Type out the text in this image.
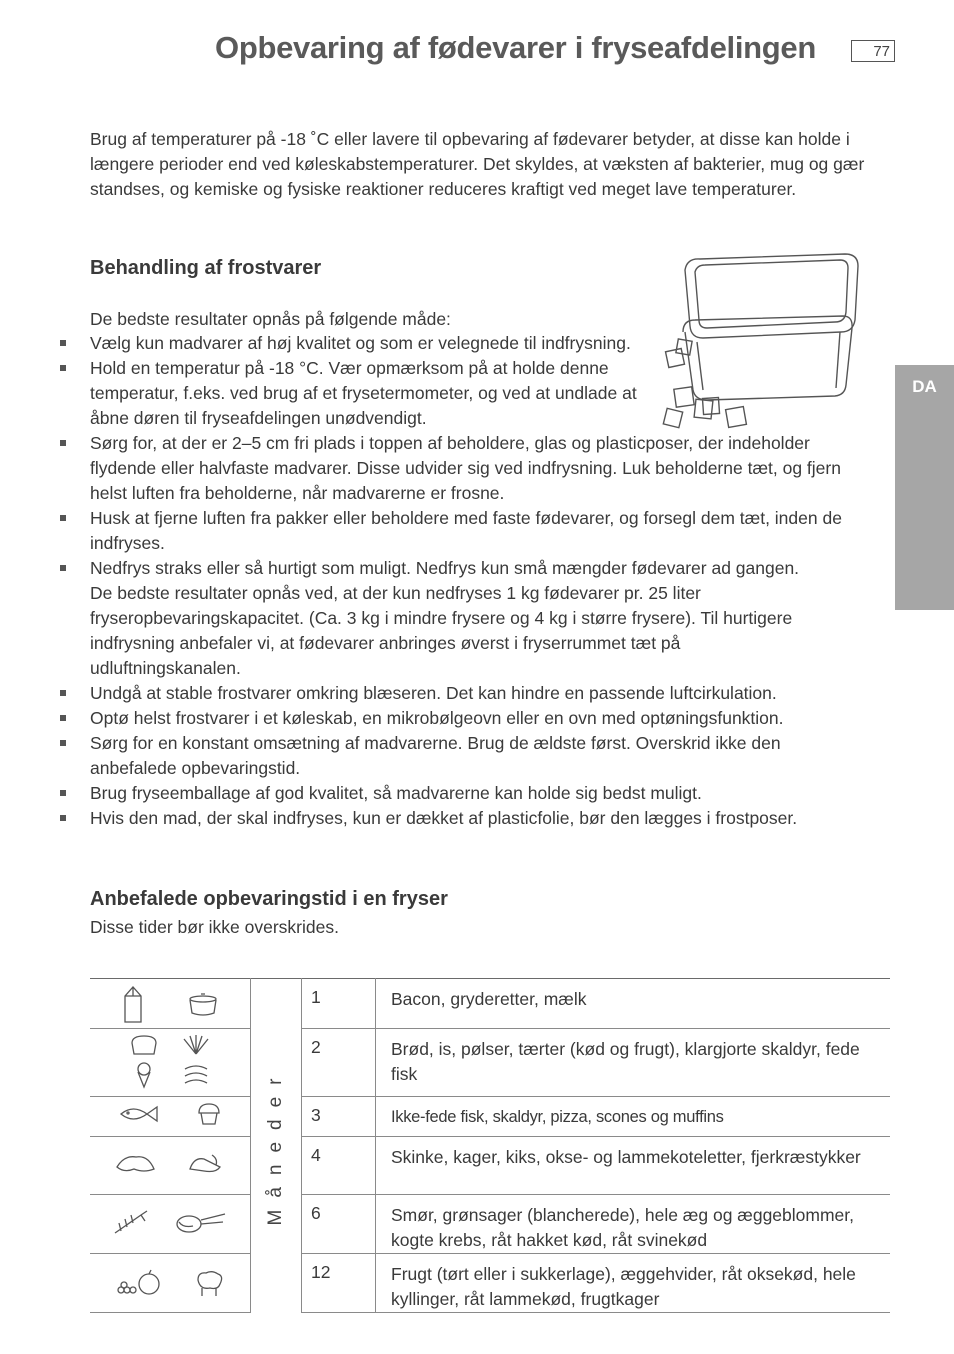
Opbevaring af fødevarer i fryseafdelingen	77
DA

Brug af temperaturer på -18 ˚C eller lavere til opbevaring af fødevarer betyder, at disse kan holde i længere perioder end ved køleskabstemperaturer. Det skyldes, at væksten af bakterier, mug og gær standses, og kemiske og fysiske reaktioner reduceres kraftigt ved meget lave temperaturer.

Behandling af frostvarer

De bedste resultater opnås på følgende måde:

Vælg kun madvarer af høj kvalitet og som er velegnede til indfrysning.
Hold en temperatur på -18 °C. Vær opmærksom på at holde denne temperatur, f.eks. ved brug af et frysetermometer, og ved at undlade at åbne døren til fryseafdelingen unødvendigt.
Sørg for, at der er 2–5 cm fri plads i toppen af beholdere, glas og plasticposer, der indeholder flydende eller halvfaste madvarer. Disse udvider sig ved indfrysning. Luk beholderne tæt, og fjern helst luften fra beholderne, når madvarerne er frosne.
Husk at fjerne luften fra pakker eller beholdere med faste fødevarer, og forsegl dem tæt, inden de indfryses.
Nedfrys straks eller så hurtigt som muligt. Nedfrys kun små mængder fødevarer ad gangen. De bedste resultater opnås ved, at der kun nedfryses 1 kg fødevarer pr. 25 liter fryseropbevaringskapacitet. (Ca. 3 kg i mindre frysere og 4 kg i større frysere). Til hurtigere indfrysning anbefaler vi, at fødevarer anbringes øverst i fryserrummet tæt på udluftningskanalen.
Undgå at stable frostvarer omkring blæseren. Det kan hindre en passende luftcirkulation.
Optø helst frostvarer i et køleskab, en mikrobølgeovn eller en ovn med optøningsfunktion.
Sørg for en konstant omsætning af madvarerne. Brug de ældste først. Overskrid ikke den anbefalede opbevaringstid.
Brug fryseemballage af god kvalitet, så madvarerne kan holde sig bedst muligt.
Hvis den mad, der skal indfryses, kun er dækket af plasticfolie, bør den lægges i frostposer.
Anbefalede opbevaringstid i en fryser

Disse tider bør ikke overskrides.

Måneder	1	Bacon, gryderetter, mælk

	2	Brød, is, pølser, tærter (kød og frugt), klargjorte skaldyr, fede fisk

	3	Ikke-fede fisk, skaldyr, pizza, scones og muffins

	4	Skinke, kager, kiks, okse- og lammekoteletter, fjerkræstykker

	6	Smør, grønsager (blancherede), hele æg og æggeblommer, kogte krebs, råt hakket kød, råt svinekød

	12	Frugt (tørt eller i sukkerlage), æggehvider, råt oksekød, hele kyllinger, råt lammekød, frugtkager
